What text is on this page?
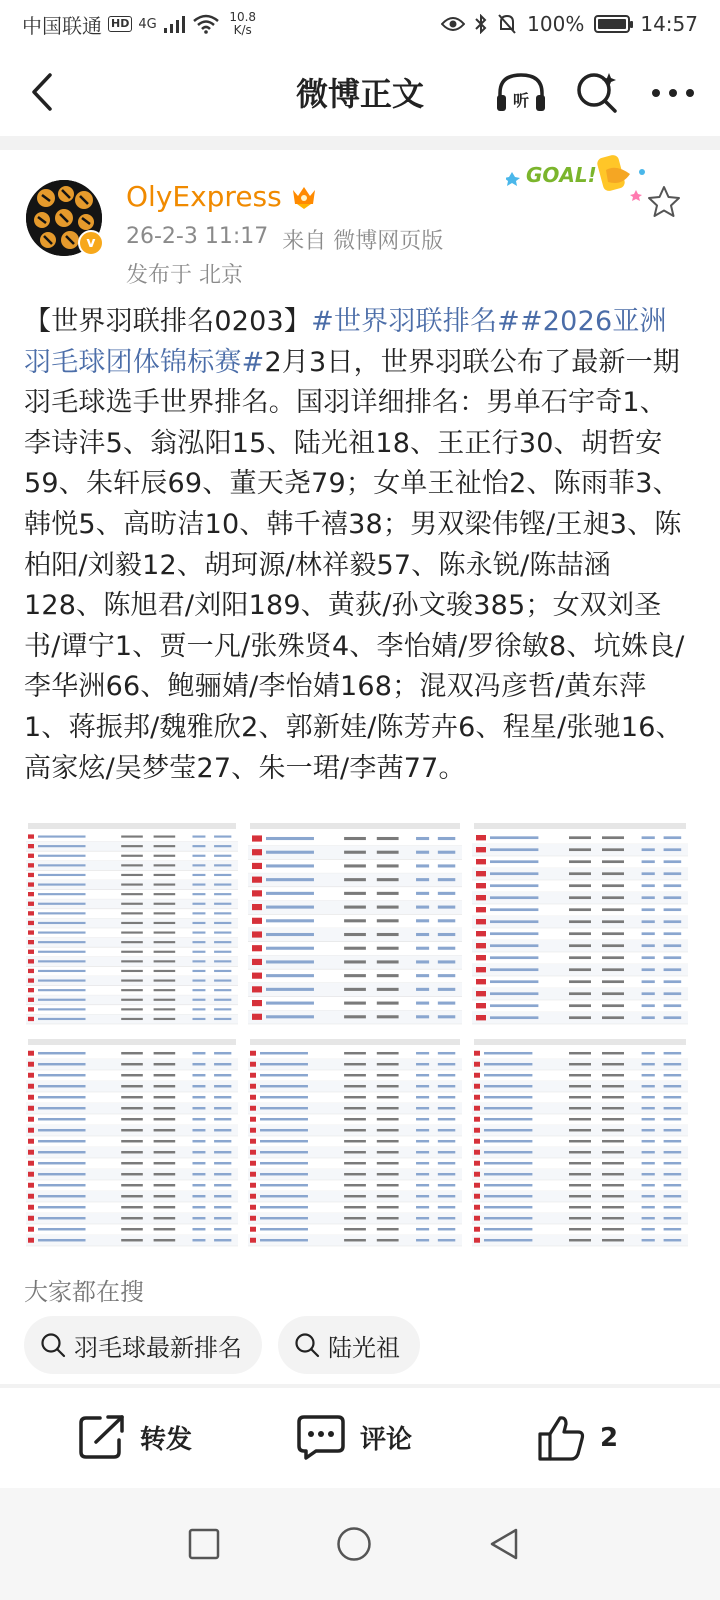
中国联通 HD 4G	10.8
K/s	100%	14:57
微博正文	听
v
OlyExpress
26-2-3 11:17 来自 微博网页版
发布于 北京
GOAL!
【世界羽联排名0203】#世界羽联排名##2026亚洲羽毛球团体锦标赛#2月3日，世界羽联公布了最新一期羽毛球选手世界排名。国羽详细排名：男单石宇奇1、李诗沣5、翁泓阳15、陆光祖18、王正行30、胡哲安59、朱轩辰69、董天尧79；女单王祉怡2、陈雨菲3、韩悦5、高昉洁10、韩千禧38；男双梁伟铿/王昶3、陈柏阳/刘毅12、胡珂源/林祥毅57、陈永锐/陈喆涵128、陈旭君/刘阳189、黄荻/孙文骏385；女双刘圣书/谭宁1、贾一凡/张殊贤4、李怡婧/罗徐敏8、坑姝良/李华洲66、鲍骊婧/李怡婧168；混双冯彦哲/黄东萍1、蒋振邦/魏雅欣2、郭新娃/陈芳卉6、程星/张驰16、高家炫/吴梦莹27、朱一珺/李茜77。
大家都在搜
羽毛球最新排名	陆光祖
转发	评论	2
